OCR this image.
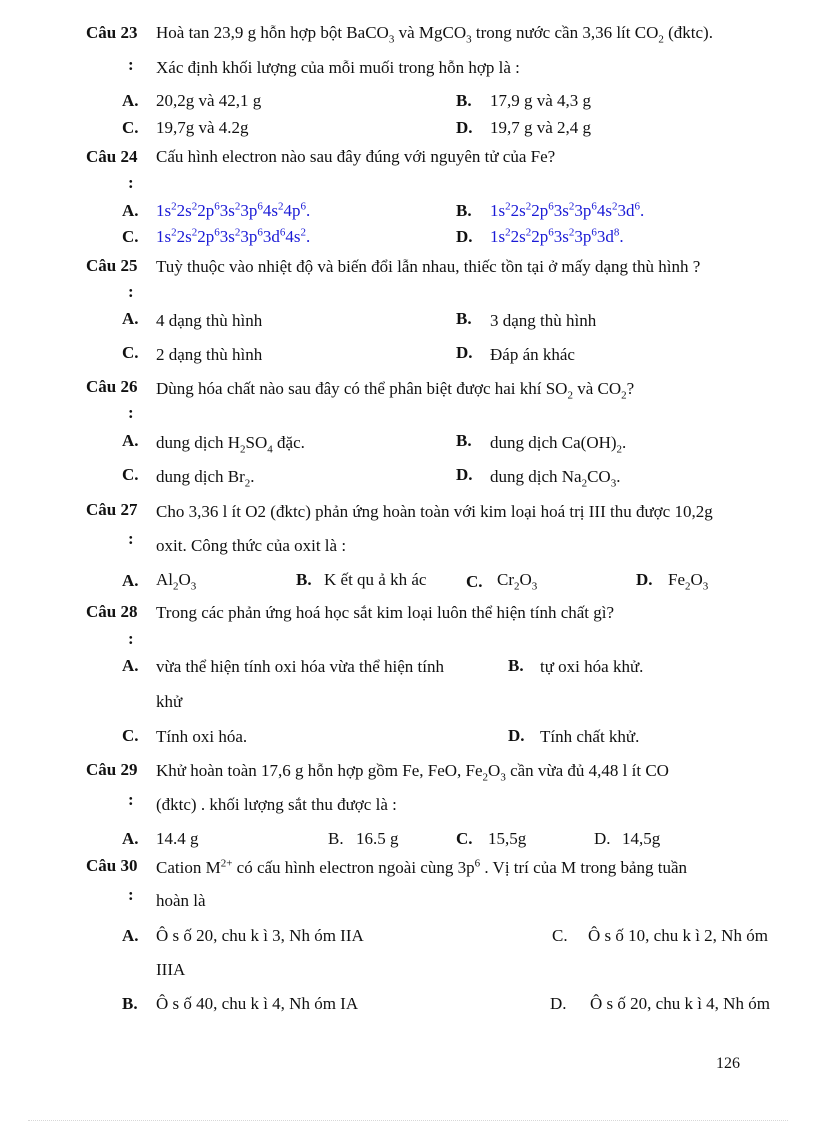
Câu 23 Hoà tan 23,9 g hỗn hợp bột BaCO$_3$ và MgCO$_3$ trong nước cần 3,36 lít $CO_2$ (đktc).
: Xác định khối lượng của mỗi muối trong hỗn hợp là :
A. 20,2g và 42,1 g	B. 17,9 g và 4,3 g
C. 19,7g và 4.2g	D. 19,7 g và 2,4 g
Câu 24 Cấu hình electron nào sau đây đúng với nguyên tử của Fe?
:
A. $1s^22s^22p^63s^23p^64s^24p^6$.	B. $1s^22s^22p^63s^23p^64s^23d^6$.
C. $1s^22s^22p^63s^23p^63d^64s^2$.	D. $1s^22s^22p^63s^23p^63d^8$.
Câu 25 Tuỳ thuộc vào nhiệt độ và biến đổi lẫn nhau, thiếc tồn tại ở mấy dạng thù hình ?
:
A. 4 dạng thù hình	B. 3 dạng thù hình
C. 2 dạng thù hình	D. Đáp án khác
Câu 26 Dùng hóa chất nào sau đây có thể phân biệt được hai khí $SO_2$ và $CO_2$?
:
A. dung dịch $H_2SO_4$ đặc.	B. dung dịch $Ca(OH)_2$.
C. dung dịch $Br_2$.	D. dung dịch $Na_2CO_3$.
Câu 27 Cho 3,36 l ít O2 (đktc) phản ứng hoàn toàn với kim loại hoá trị III thu được 10,2g
: oxit. Công thức của oxit là :
A. $Al_2O_3$	B. K ết qu ả kh ác C. $Cr_2O_3$	D. $Fe_2O_3$
Câu 28 Trong các phản ứng hoá học sắt kim loại luôn thể hiện tính chất gì?
:
A. vừa thể hiện tính oxi hóa vừa thể hiện tính
khử
B. tự oxi hóa khử.
C. Tính oxi hóa.	D. Tính chất khử.
Câu 29 Khử hoàn toàn 17,6 g hỗn hợp gồm Fe, FeO, $Fe_2O_3$ cần vừa đủ 4,48 l ít CO
: (đktc) . khối lượng sắt thu được là :
A. 14.4 g	B. 16.5 g	C. 15,5g	D. 14,5g
Câu 30 Cation $M^{2+}$ có cấu hình electron ngoài cùng $3p^6$ . Vị trí của M trong bảng tuần
: hoàn là
A. Ô s ố 20, chu k ì 3, Nh óm IIA	C. Ô s ố 10, chu k ì 2, Nh óm
IIIA
B. Ô s ố 40, chu k ì 4, Nh óm IA	D. Ô s ố 20, chu k ì 4, Nh óm
126
